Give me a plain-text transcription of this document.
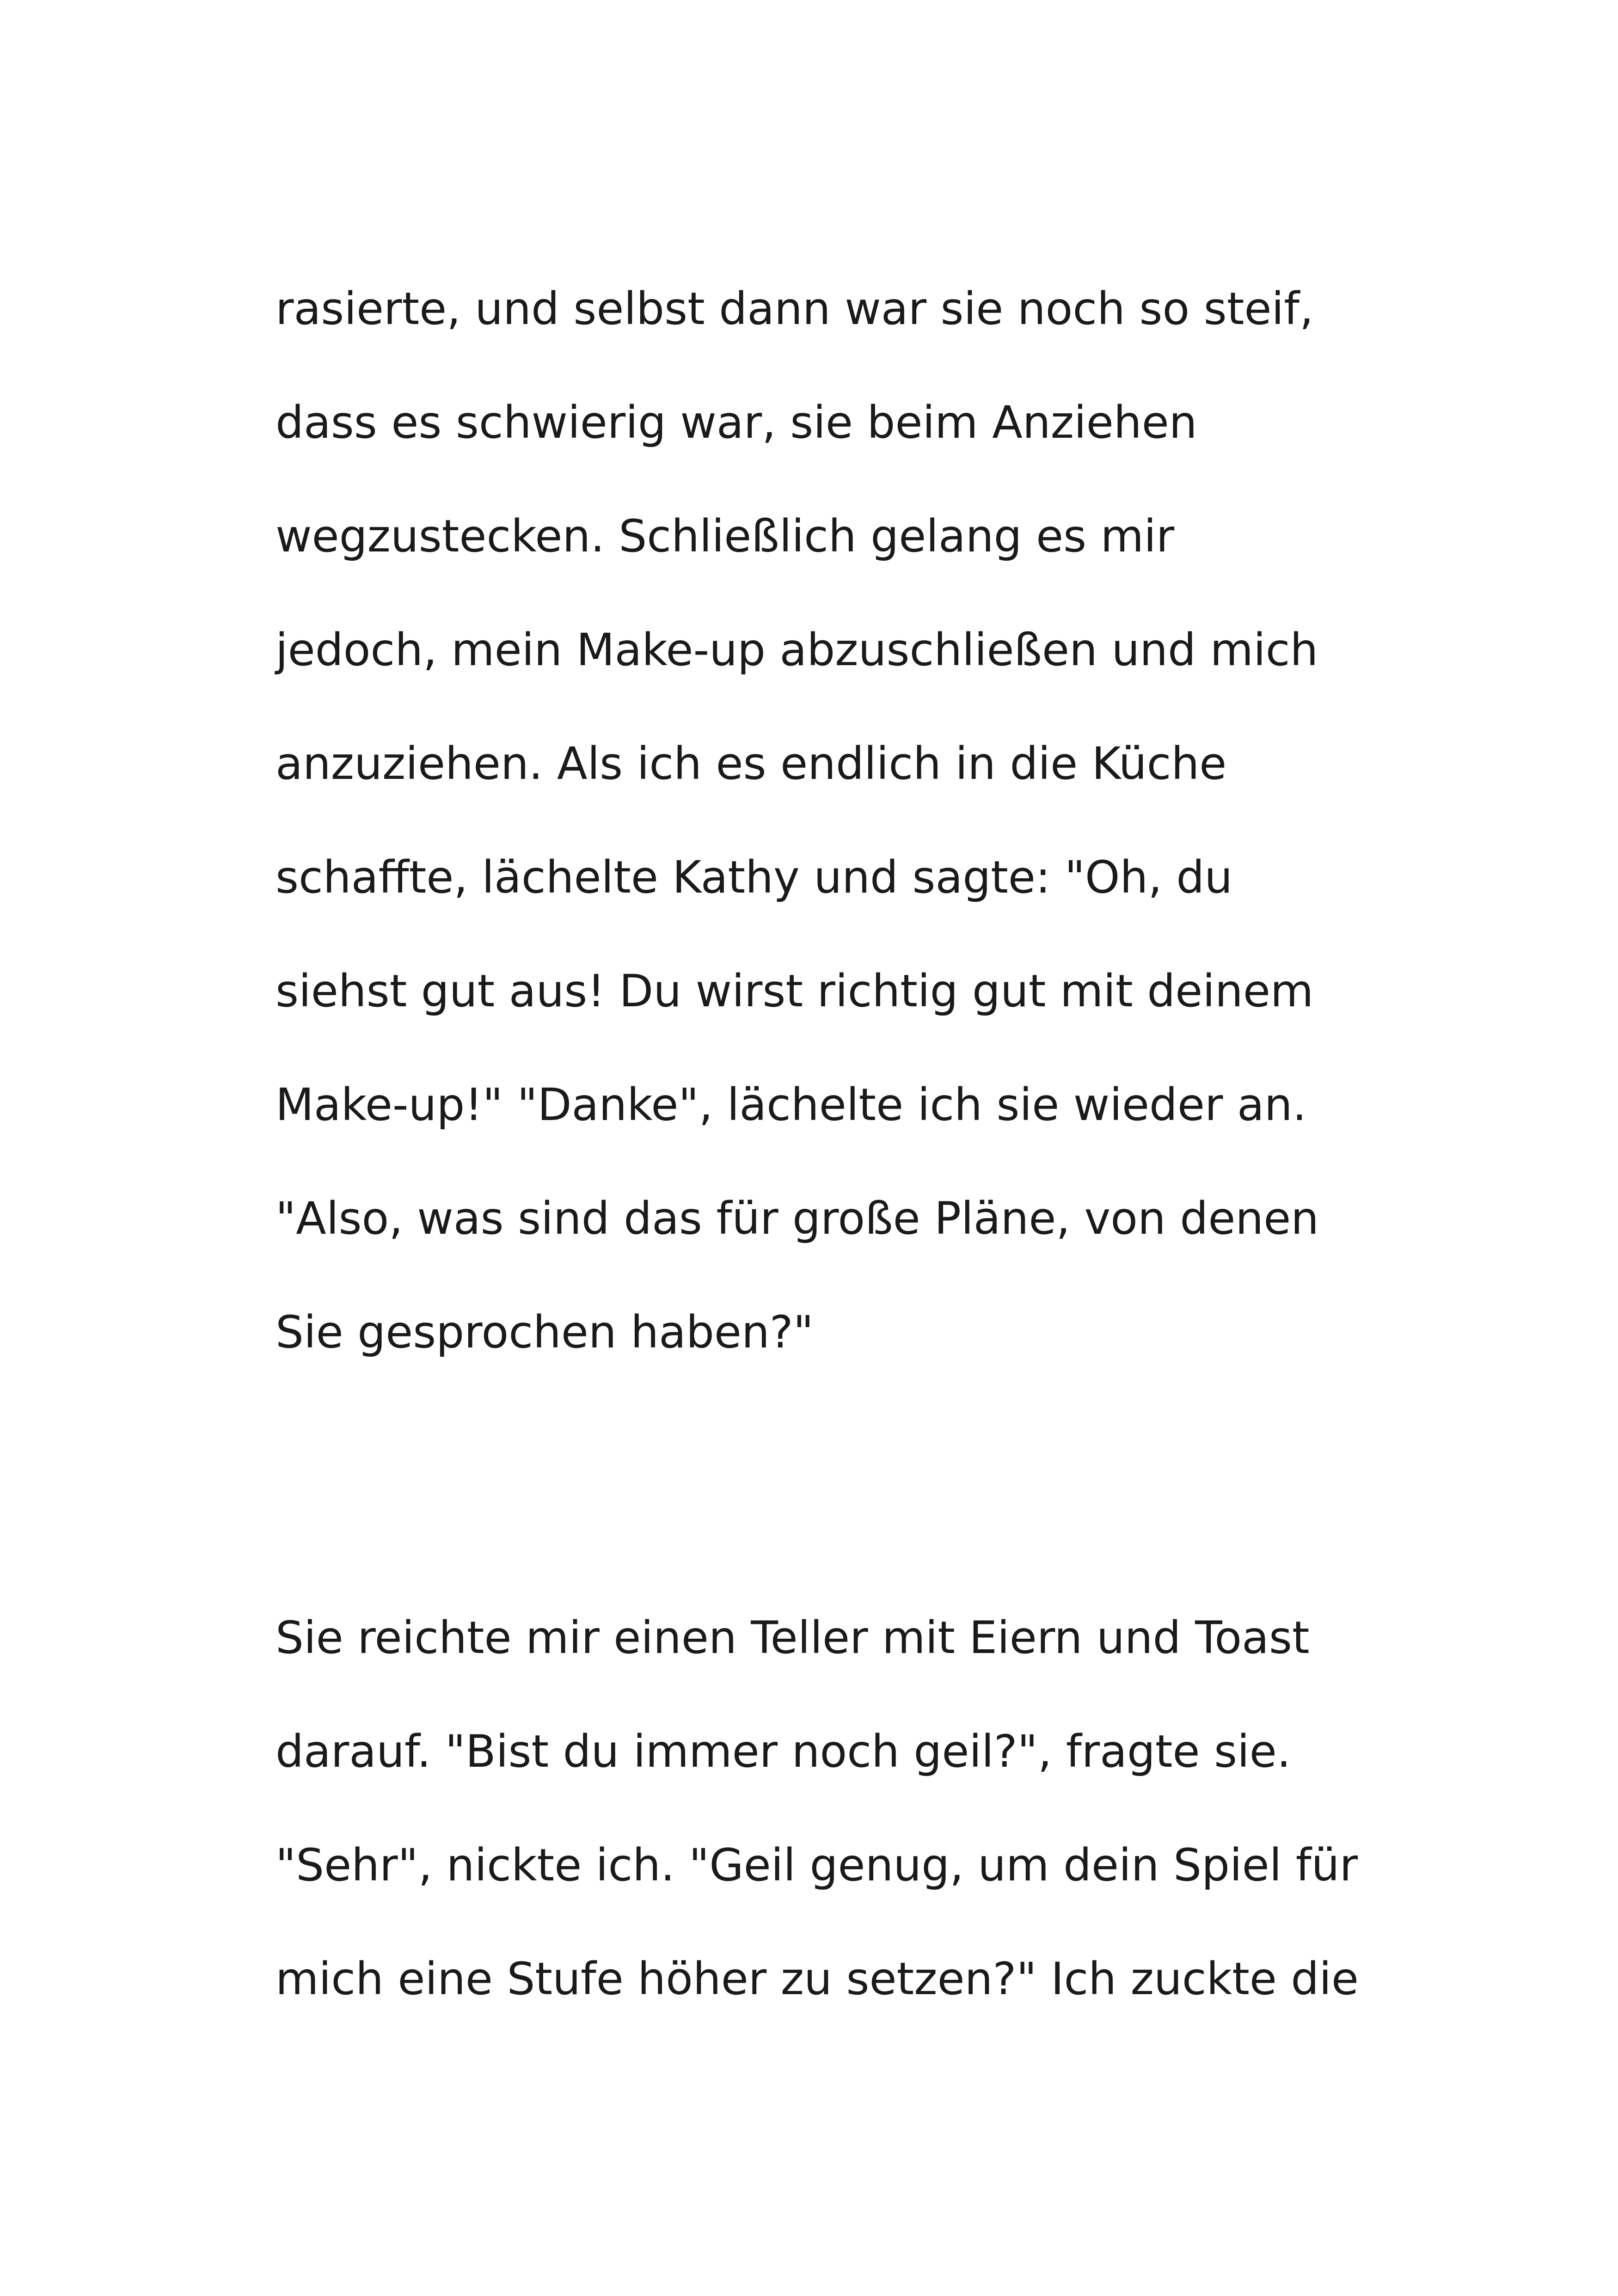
rasierte, und selbst dann war sie noch so steif,
dass es schwierig war, sie beim Anziehen
wegzustecken. Schließlich gelang es mir
jedoch, mein Make-up abzuschließen und mich
anzuziehen. Als ich es endlich in die Küche
schaffte, lächelte Kathy und sagte: "Oh, du
siehst gut aus! Du wirst richtig gut mit deinem
Make-up!" "Danke", lächelte ich sie wieder an.
"Also, was sind das für große Pläne, von denen
Sie gesprochen haben?"
Sie reichte mir einen Teller mit Eiern und Toast
darauf. "Bist du immer noch geil?", fragte sie.
"Sehr", nickte ich. "Geil genug, um dein Spiel für
mich eine Stufe höher zu setzen?" Ich zuckte die
